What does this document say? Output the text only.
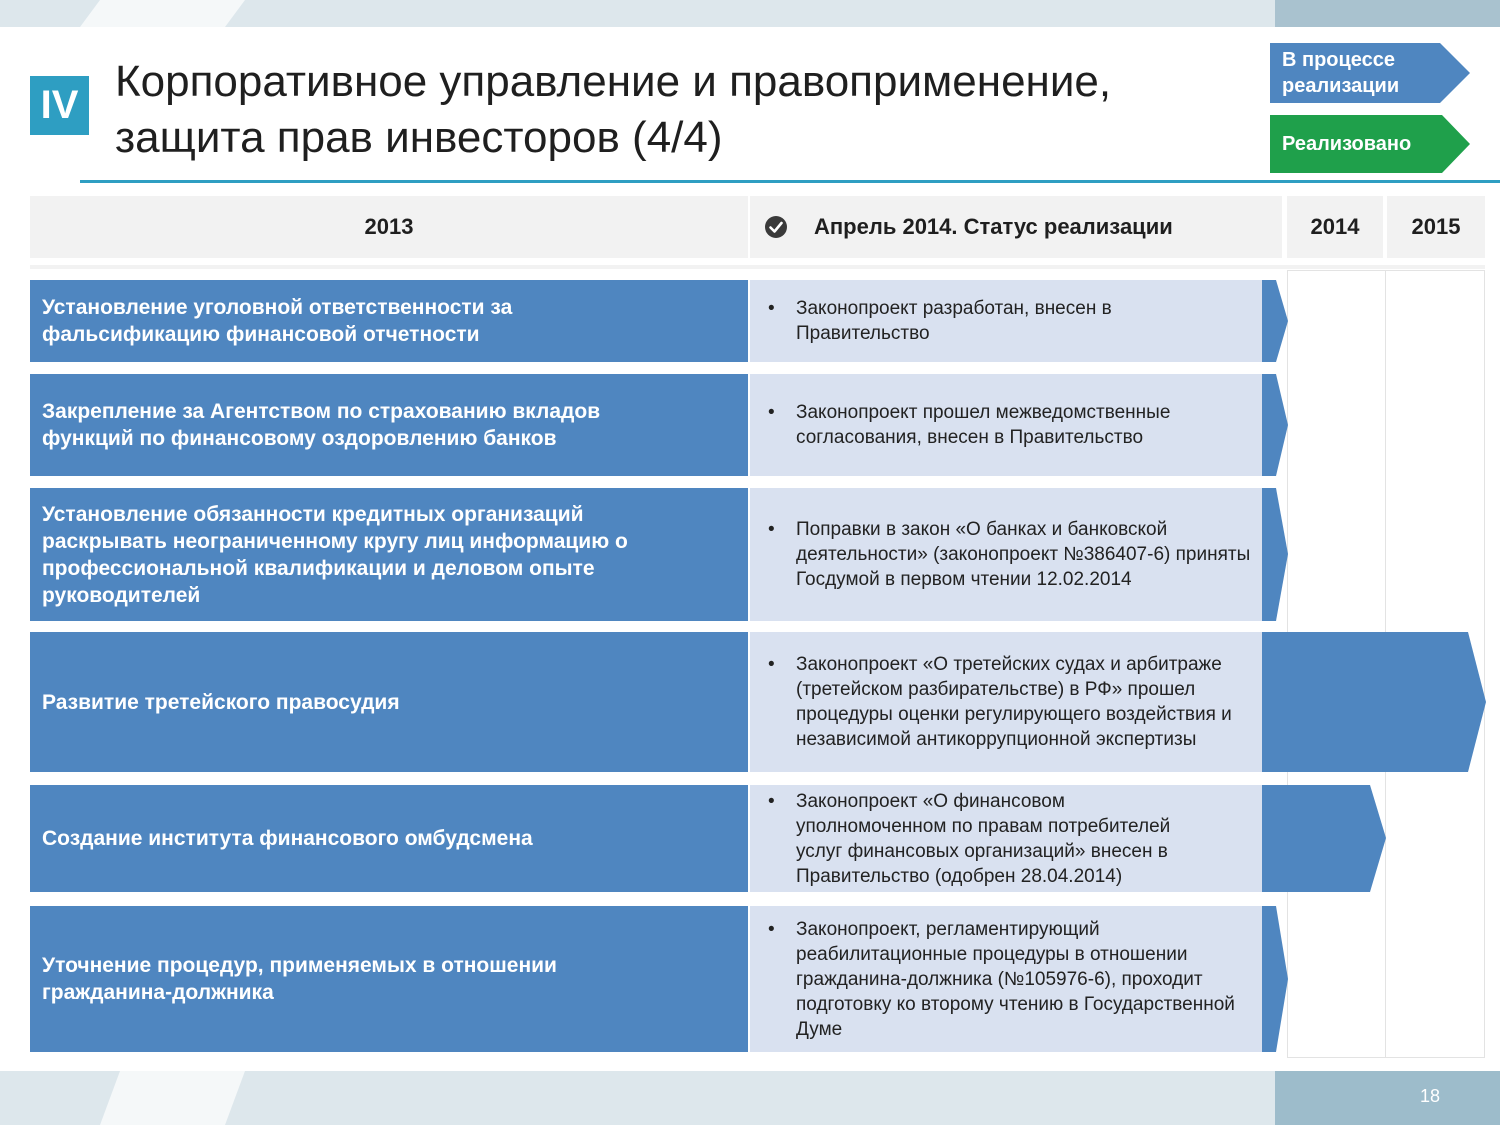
IV Корпоративное управление и правоприменение,
защита прав инвесторов (4/4)
В процессе
реализации
Реализовано
2013	Апрель 2014. Статус реализации	2014 2015
Установление уголовной ответственности за фальсификацию финансовой отчетности
• Законопроект разработан, внесен в Правительство
Закрепление за Агентством по страхованию вкладов функций по финансовому оздоровлению банков
• Законопроект прошел межведомственные согласования, внесен в Правительство
Установление обязанности кредитных организаций раскрывать неограниченному кругу лиц информацию о профессиональной квалификации и деловом опыте руководителей
• Поправки в закон «О банках и банковской деятельности» (законопроект №386407-6) приняты Госдумой в первом чтении 12.02.2014
Развитие третейского правосудия
• Законопроект «О третейских судах и арбитраже (третейском разбирательстве) в РФ» прошел процедуры оценки регулирующего воздействия и независимой антикоррупционной экспертизы
Создание института финансового омбудсмена
• Законопроект «О финансовом уполномоченном по правам потребителей услуг финансовых организаций» внесен в Правительство (одобрен 28.04.2014)
Уточнение процедур, применяемых в отношении гражданина-должника
• Законопроект, регламентирующий реабилитационные процедуры в отношении гражданина-должника (№105976-6), проходит подготовку ко второму чтению в Государственной Думе
18
